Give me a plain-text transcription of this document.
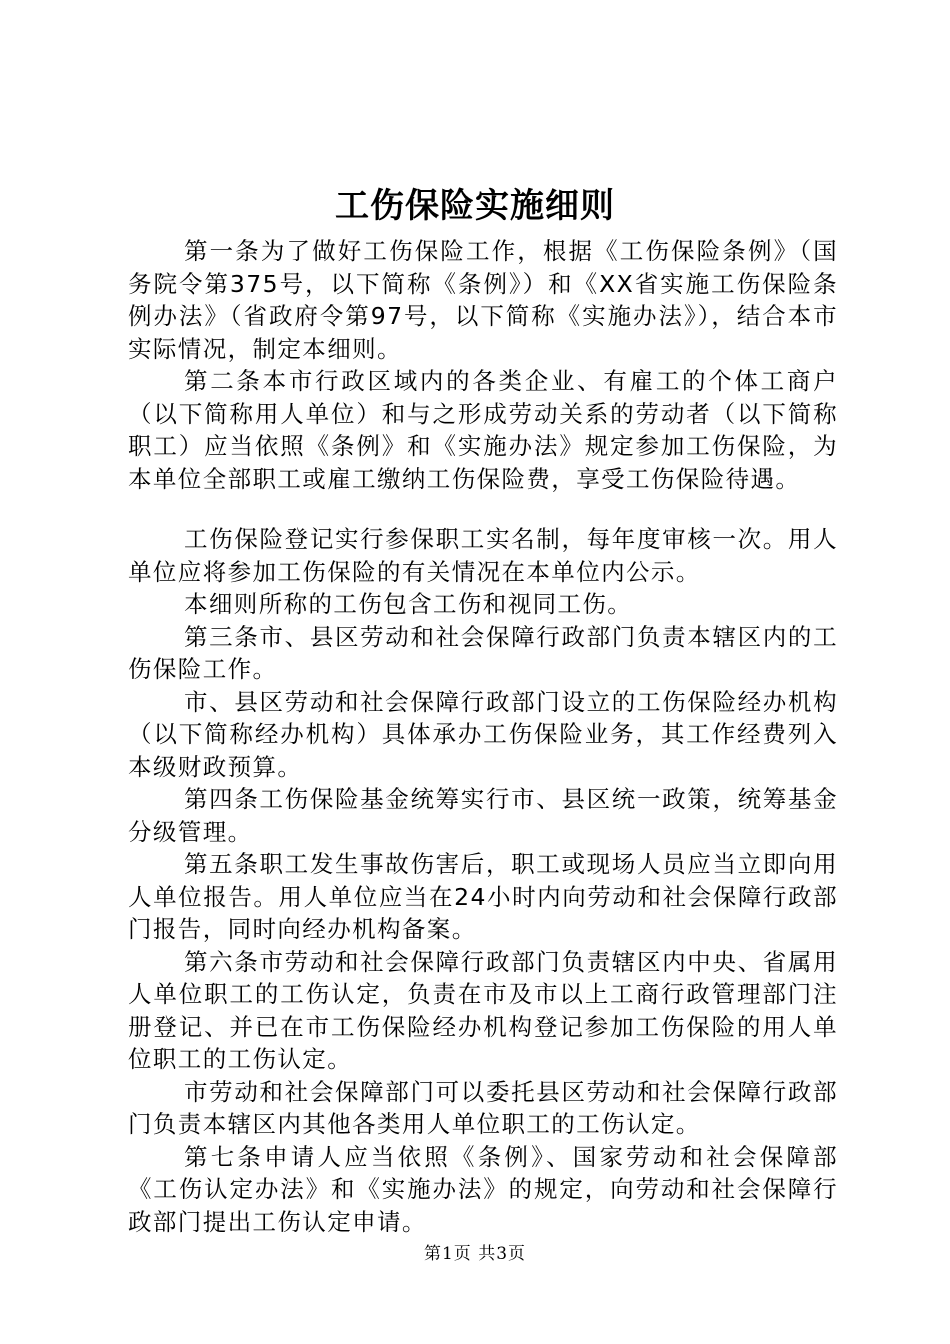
工伤保险实施细则

第一条为了做好工伤保险工作，根据《工伤保险条例》（国务院令第375号，以下简称《条例》）和《XX省实施工伤保险条例办法》（省政府令第97号，以下简称《实施办法》），结合本市实际情况，制定本细则。

第二条本市行政区域内的各类企业、有雇工的个体工商户（以下简称用人单位）和与之形成劳动关系的劳动者（以下简称职工）应当依照《条例》和《实施办法》规定参加工伤保险，为本单位全部职工或雇工缴纳工伤保险费，享受工伤保险待遇。

工伤保险登记实行参保职工实名制，每年度审核一次。用人单位应将参加工伤保险的有关情况在本单位内公示。

本细则所称的工伤包含工伤和视同工伤。

第三条市、县区劳动和社会保障行政部门负责本辖区内的工伤保险工作。

市、县区劳动和社会保障行政部门设立的工伤保险经办机构（以下简称经办机构）具体承办工伤保险业务，其工作经费列入本级财政预算。

第四条工伤保险基金统筹实行市、县区统一政策，统筹基金分级管理。

第五条职工发生事故伤害后，职工或现场人员应当立即向用人单位报告。用人单位应当在24小时内向劳动和社会保障行政部门报告，同时向经办机构备案。

第六条市劳动和社会保障行政部门负责辖区内中央、省属用人单位职工的工伤认定，负责在市及市以上工商行政管理部门注册登记、并已在市工伤保险经办机构登记参加工伤保险的用人单位职工的工伤认定。

市劳动和社会保障部门可以委托县区劳动和社会保障行政部门负责本辖区内其他各类用人单位职工的工伤认定。

第七条申请人应当依照《条例》、国家劳动和社会保障部《工伤认定办法》和《实施办法》的规定，向劳动和社会保障行政部门提出工伤认定申请。

第1页 共3页
